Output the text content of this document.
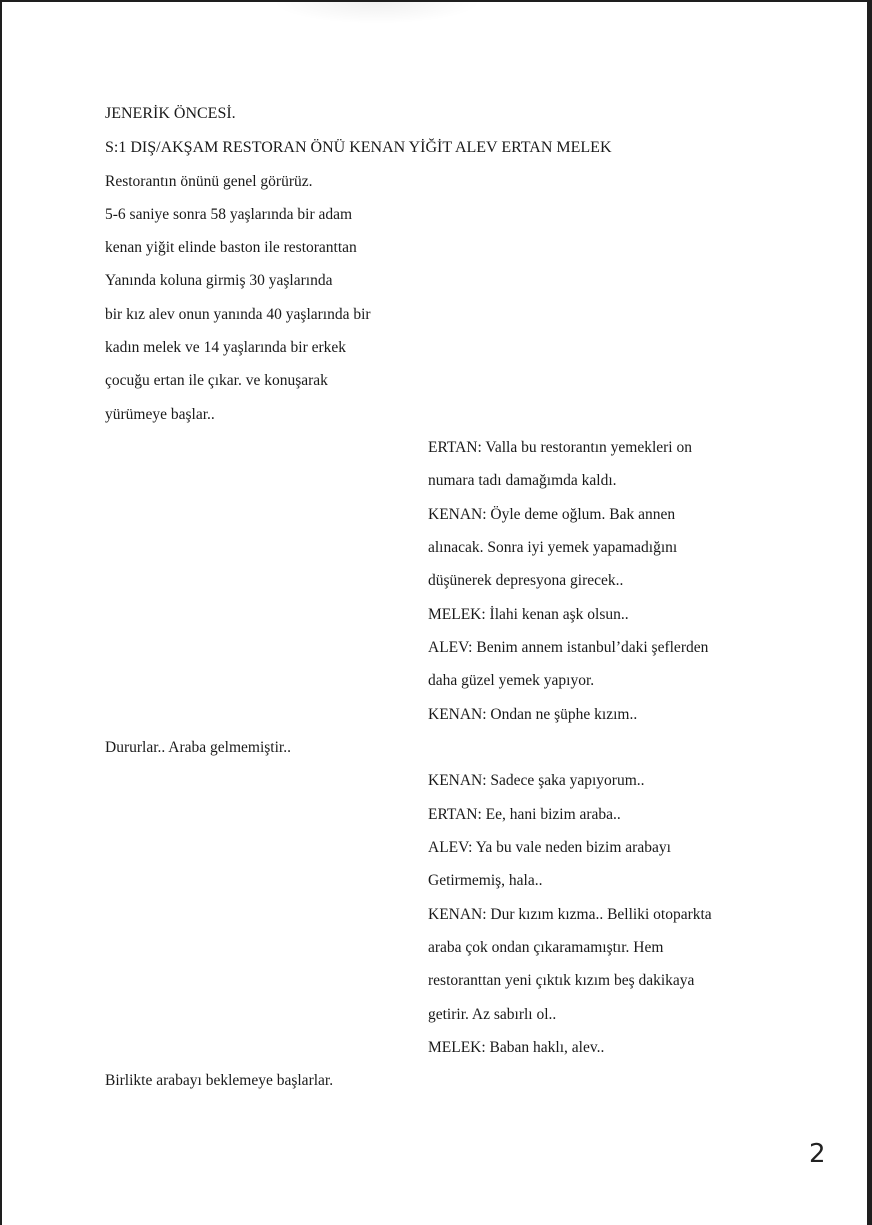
JENERİK ÖNCESİ.
S:1 DIŞ/AKŞAM RESTORAN ÖNÜ KENAN YİĞİT ALEV ERTAN MELEK
Restorantın önünü genel görürüz.
5-6 saniye sonra 58 yaşlarında bir adam
kenan yiğit elinde baston ile restoranttan
Yanında koluna girmiş 30 yaşlarında
bir kız alev onun yanında 40 yaşlarında bir
kadın melek ve 14 yaşlarında bir erkek
çocuğu ertan ile çıkar. ve konuşarak
yürümeye başlar..
ERTAN: Valla bu restorantın yemekleri on
numara tadı damağımda kaldı.
KENAN: Öyle deme oğlum. Bak annen
alınacak. Sonra iyi yemek yapamadığını
düşünerek depresyona girecek..
MELEK: İlahi kenan aşk olsun..
ALEV: Benim annem istanbul’daki şeflerden
daha güzel yemek yapıyor.
KENAN: Ondan ne şüphe kızım..
Dururlar.. Araba gelmemiştir..
KENAN: Sadece şaka yapıyorum..
ERTAN: Ee, hani bizim araba..
ALEV: Ya bu vale neden bizim arabayı
Getirmemiş, hala..
KENAN: Dur kızım kızma.. Belliki otoparkta
araba çok ondan çıkaramamıştır. Hem
restoranttan yeni çıktık kızım beş dakikaya
getirir. Az sabırlı ol..
MELEK: Baban haklı, alev..
Birlikte arabayı beklemeye başlarlar.
2
